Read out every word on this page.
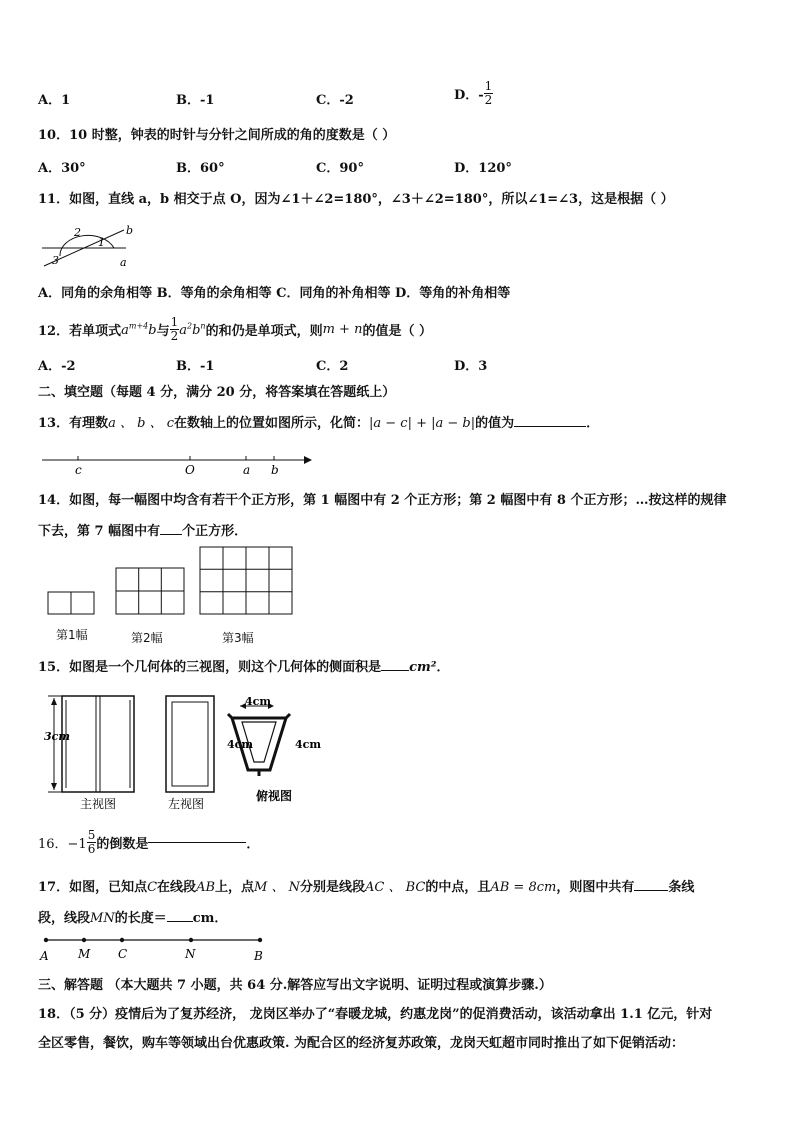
A．1	B．-1	C．-2	D．- $\frac{1}{2}$
10．10 时整，钟表的时针与分针之间所成的角的度数是（ ）
A．30°	B．60°	C．90°	D．120°
11．如图，直线 a，b 相交于点 O，因为∠1＋∠2=180°，∠3＋∠2=180°，所以∠1=∠3，这是根据（ ）
2
1
3
b
a
A．同角的余角相等 B．等角的余角相等 C．同角的补角相等 D．等角的补角相等
12．若单项式$a^{m+4}b$与 $\frac{1}{2} a^2b^n$的和仍是单项式，则m + n的值是（ ）
A．-2	B．-1	C．2	D．3
二、填空题（每题 4 分，满分 20 分，将答案填在答题纸上）
13．有理数a 、 b 、 c在数轴上的位置如图所示，化简：|a − c| + |a − b|的值为	．
c	O	a b
14．如图，每一幅图中均含有若干个正方形，第 1 幅图中有 2 个正方形；第 2 幅图中有 8 个正方形；…按这样的规律
下去，第 7 幅图中有 个正方形．
第1幅	第2幅	第3幅
15．如图是一个几何体的三视图，则这个几何体的侧面积是 cm²．
3cm
4cm
4cm	4cm
主视图	左视图
俯视图
16．$-1 \frac{5}{6}$ 的倒数是	．
17．如图，已知点C在线段AB上，点M 、 N分别是线段AC 、 BC的中点，且AB = 8cm，则图中共有	条线
段，线段MN的长度＝ cm．
A M C	N	B
三、解答题 （本大题共 7 小题，共 64 分.解答应写出文字说明、证明过程或演算步骤.）
18．（5 分）疫情后为了复苏经济， 龙岗区举办了“春暖龙城，约惠龙岗”的促消费活动，该活动拿出 1.1 亿元，针对
全区零售，餐饮，购车等领域出台优惠政策. 为配合区的经济复苏政策，龙岗天虹超市同时推出了如下促销活动：
